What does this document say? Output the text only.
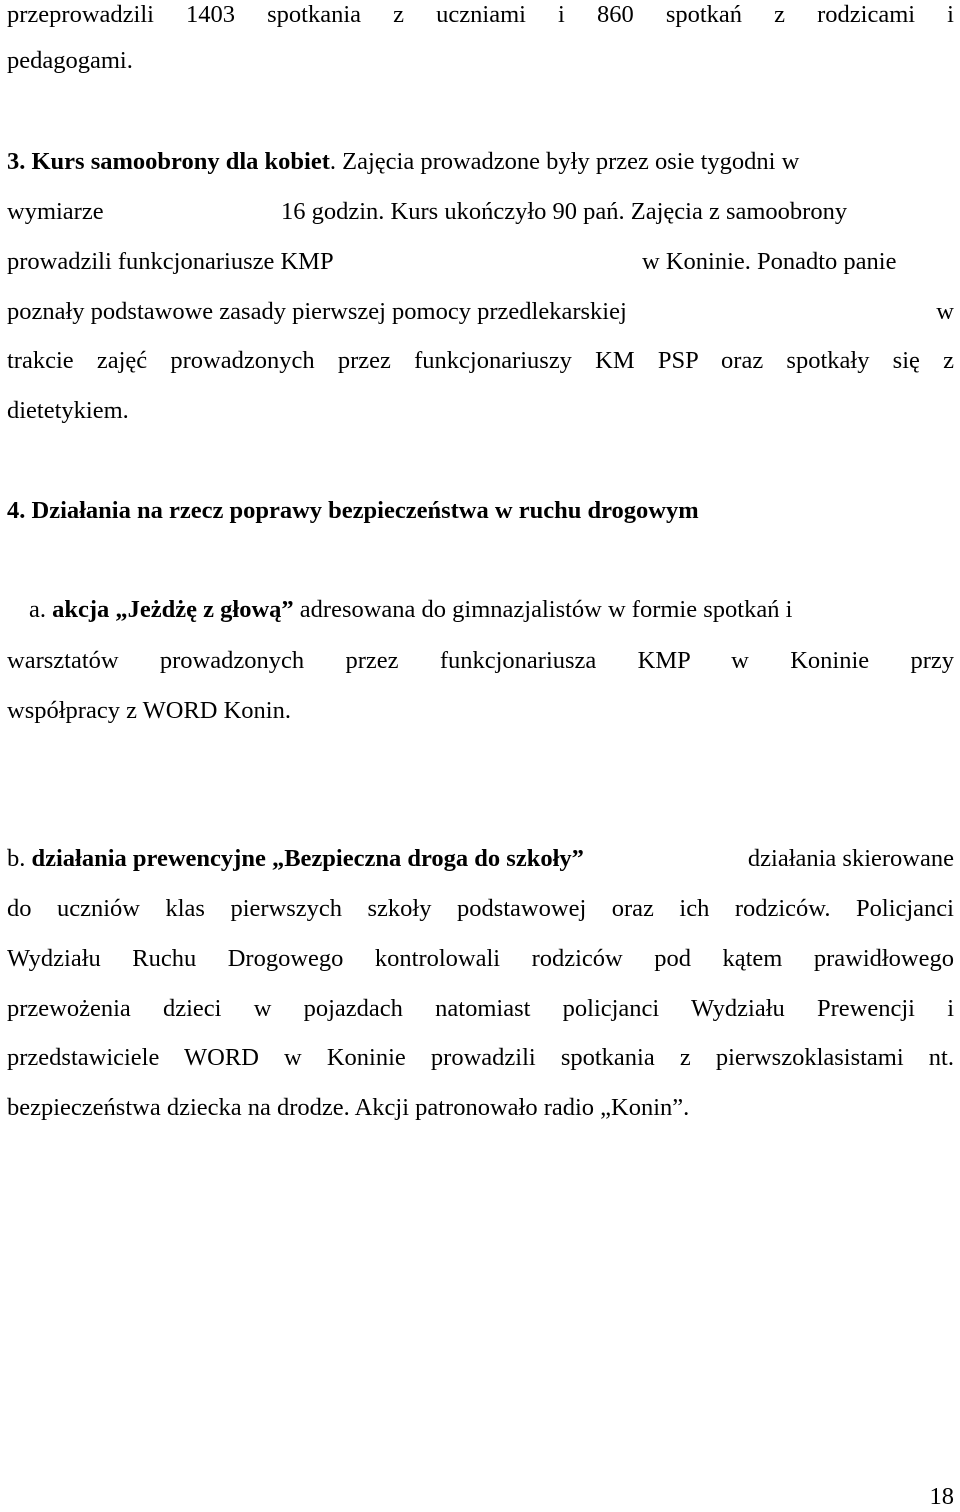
przeprowadzili 1403 spotkania z uczniami i 860 spotkań z rodzicami i
pedagogami.
3. Kurs samoobrony dla kobiet. Zajęcia prowadzone były przez osie tygodni w
wymiarze	16 godzin. Kurs ukończyło 90 pań. Zajęcia z samoobrony
prowadzili funkcjonariusze KMP	w Koninie. Ponadto panie
poznały podstawowe zasady pierwszej pomocy przedlekarskiej	w
trakcie zajęć prowadzonych przez funkcjonariuszy KM PSP oraz spotkały się z
dietetykiem.
4. Działania na rzecz poprawy bezpieczeństwa w ruchu drogowym
a. akcja „Jeżdżę z głową” adresowana do gimnazjalistów w formie spotkań i
warsztatów prowadzonych przez funkcjonariusza KMP w Koninie przy
współpracy z WORD Konin.
b. działania prewencyjne „Bezpieczna droga do szkoły”	działania skierowane
do uczniów klas pierwszych szkoły podstawowej oraz ich rodziców. Policjanci
Wydziału Ruchu Drogowego kontrolowali rodziców pod kątem prawidłowego
przewożenia dzieci w pojazdach natomiast policjanci Wydziału Prewencji i
przedstawiciele WORD w Koninie prowadzili spotkania z pierwszoklasistami nt.
bezpieczeństwa dziecka na drodze. Akcji patronowało radio „Konin”.
18
